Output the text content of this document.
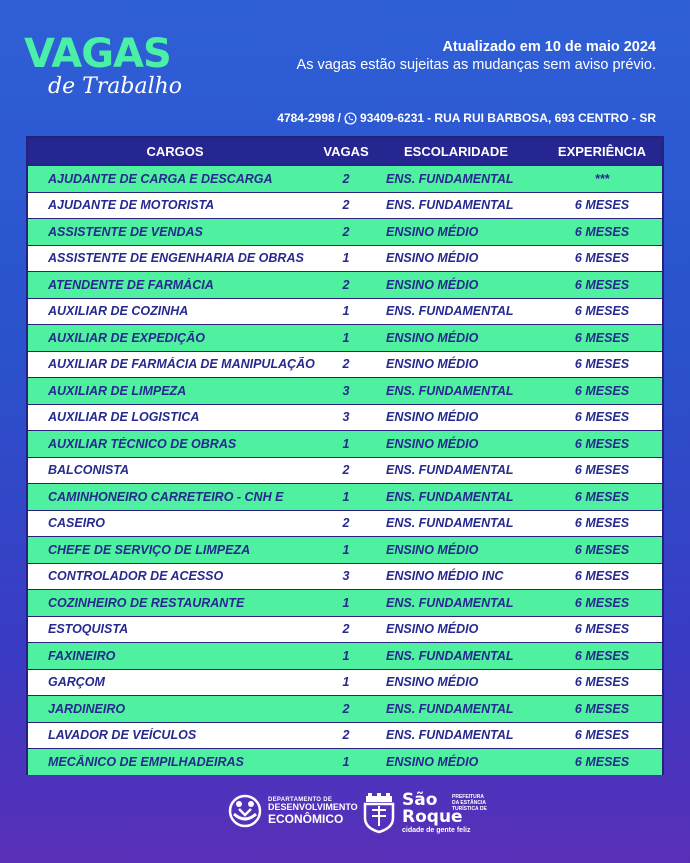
VAGAS
de Trabalho
Atualizado em 10 de maio 2024
As vagas estão sujeitas as mudanças sem aviso prévio.
4784-2998 / 93409-6231 - RUA RUI BARBOSA, 693 CENTRO - SR
CARGOS	VAGAS	ESCOLARIDADE	EXPERIÊNCIA
AJUDANTE DE CARGA E DESCARGA	2	ENS. FUNDAMENTAL	***
AJUDANTE DE MOTORISTA	2	ENS. FUNDAMENTAL	6 MESES
ASSISTENTE DE VENDAS	2	ENSINO MÉDIO	6 MESES
ASSISTENTE DE ENGENHARIA DE OBRAS	1	ENSINO MÉDIO	6 MESES
ATENDENTE DE FARMÁCIA	2	ENSINO MÉDIO	6 MESES
AUXILIAR DE COZINHA	1	ENS. FUNDAMENTAL	6 MESES
AUXILIAR DE EXPEDIÇÃO	1	ENSINO MÉDIO	6 MESES
AUXILIAR DE FARMÁCIA DE MANIPULAÇÃO	2	ENSINO MÉDIO	6 MESES
AUXILIAR DE LIMPEZA	3	ENS. FUNDAMENTAL	6 MESES
AUXILIAR DE LOGISTICA	3	ENSINO MÉDIO	6 MESES
AUXILIAR TÉCNICO DE OBRAS	1	ENSINO MÉDIO	6 MESES
BALCONISTA	2	ENS. FUNDAMENTAL	6 MESES
CAMINHONEIRO CARRETEIRO - CNH E	1	ENS. FUNDAMENTAL	6 MESES
CASEIRO	2	ENS. FUNDAMENTAL	6 MESES
CHEFE DE SERVIÇO DE LIMPEZA	1	ENSINO MÉDIO	6 MESES
CONTROLADOR DE ACESSO	3	ENSINO MÉDIO INC	6 MESES
COZINHEIRO DE RESTAURANTE	1	ENS. FUNDAMENTAL	6 MESES
ESTOQUISTA	2	ENSINO MÉDIO	6 MESES
FAXINEIRO	1	ENS. FUNDAMENTAL	6 MESES
GARÇOM	1	ENSINO MÉDIO	6 MESES
JARDINEIRO	2	ENS. FUNDAMENTAL	6 MESES
LAVADOR DE VEÍCULOS	2	ENS. FUNDAMENTAL	6 MESES
MECÂNICO DE EMPILHADEIRAS	1	ENSINO MÉDIO	6 MESES
DEPARTAMENTO DE
DESENVOLVIMENTO
ECONÔMICO
São
Roque
PREFEITURA DA ESTÂNCIA TURÍSTICA DE
cidade de gente feliz
